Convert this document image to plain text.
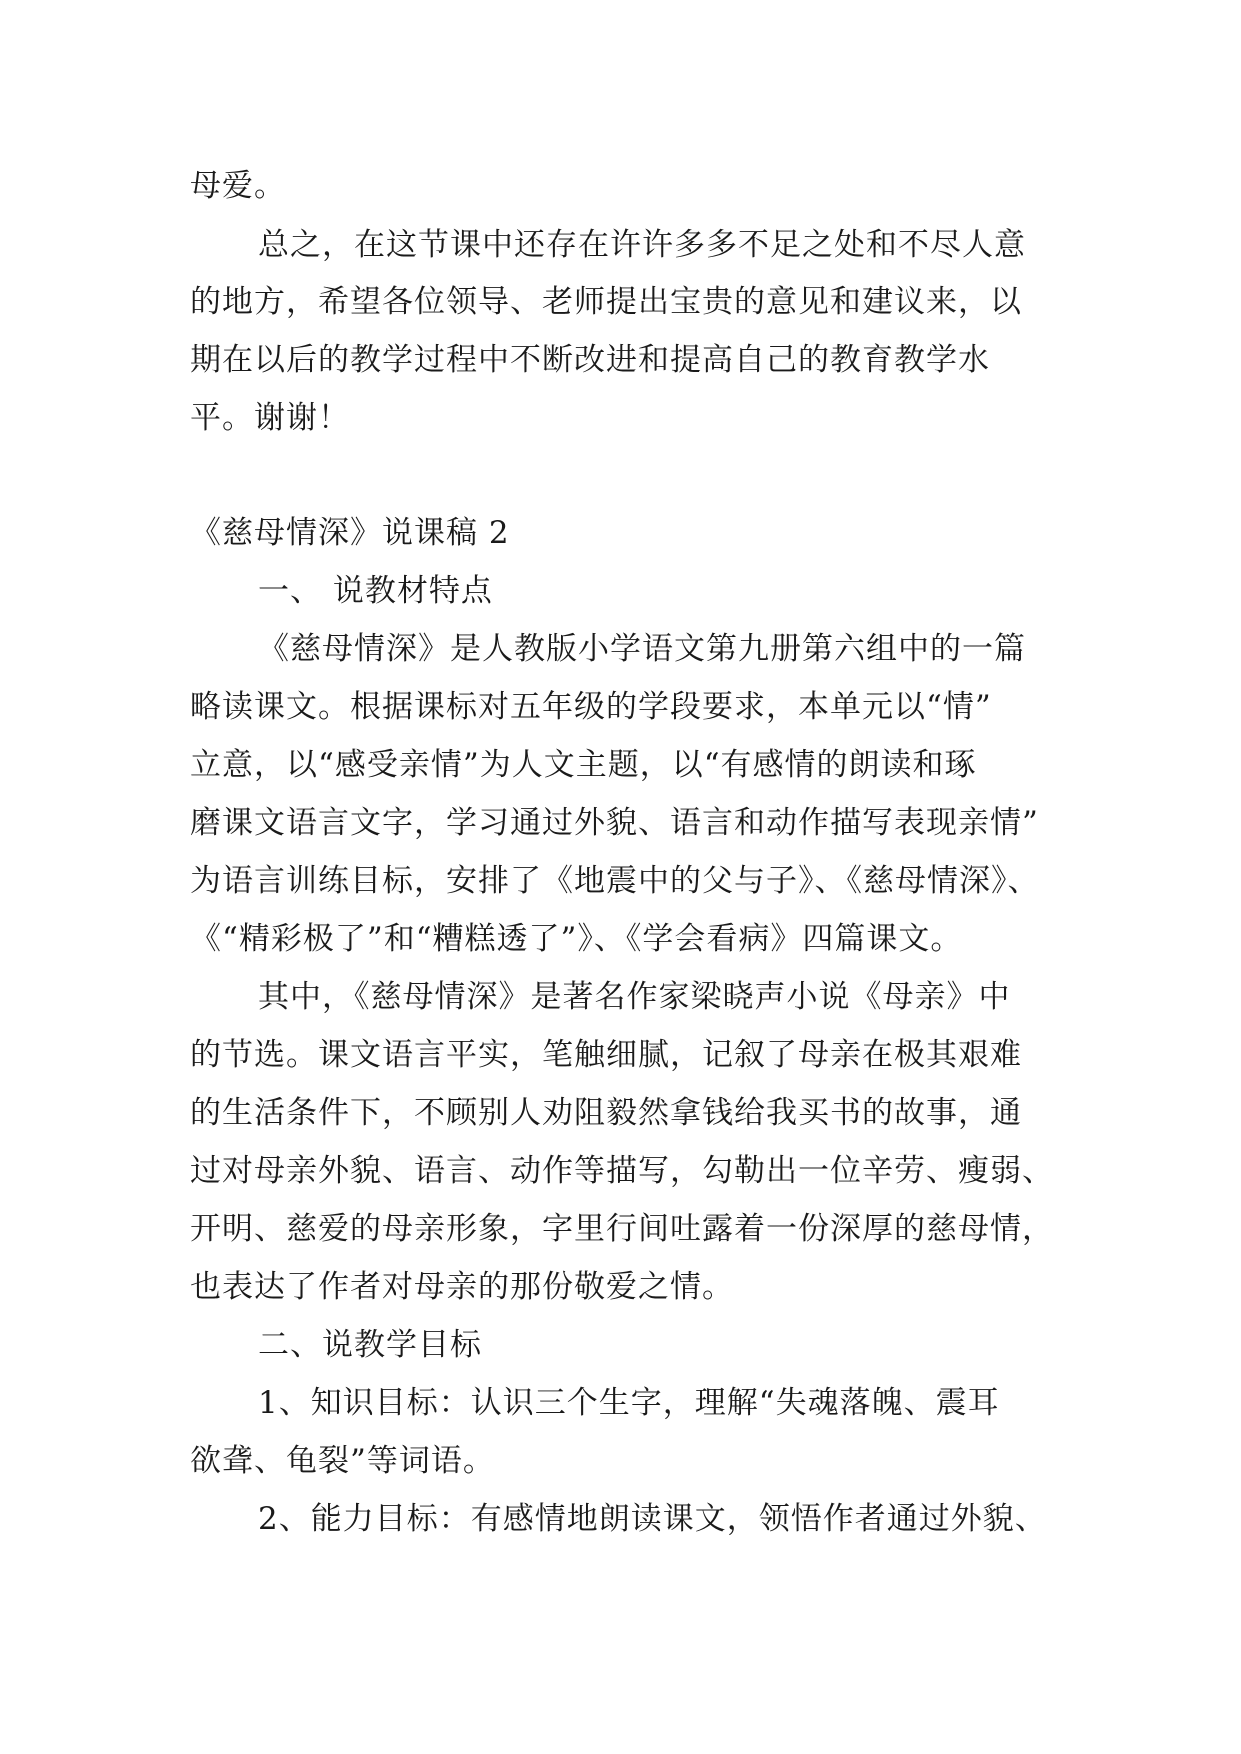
母爱。
总之，在这节课中还存在许许多多不足之处和不尽人意
的地方，希望各位领导、老师提出宝贵的意见和建议来，以
期在以后的教学过程中不断改进和提高自己的教育教学水
平。谢谢！
《慈母情深》说课稿 2
一、 说教材特点
《慈母情深》是人教版小学语文第九册第六组中的一篇
略读课文。根据课标对五年级的学段要求，本单元以“情”
立意，以“感受亲情”为人文主题，以“有感情的朗读和琢
磨课文语言文字，学习通过外貌、语言和动作描写表现亲情”
为语言训练目标，安排了《地震中的父与子》、《慈母情深》、
《“精彩极了”和“糟糕透了”》、《学会看病》四篇课文。
其中，《慈母情深》是著名作家梁晓声小说《母亲》中
的节选。课文语言平实，笔触细腻，记叙了母亲在极其艰难
的生活条件下，不顾别人劝阻毅然拿钱给我买书的故事，通
过对母亲外貌、语言、动作等描写，勾勒出一位辛劳、瘦弱、
开明、慈爱的母亲形象，字里行间吐露着一份深厚的慈母情，
也表达了作者对母亲的那份敬爱之情。
二、说教学目标
1、知识目标：认识三个生字，理解“失魂落魄、震耳
欲聋、龟裂”等词语。
2、能力目标：有感情地朗读课文，领悟作者通过外貌、
